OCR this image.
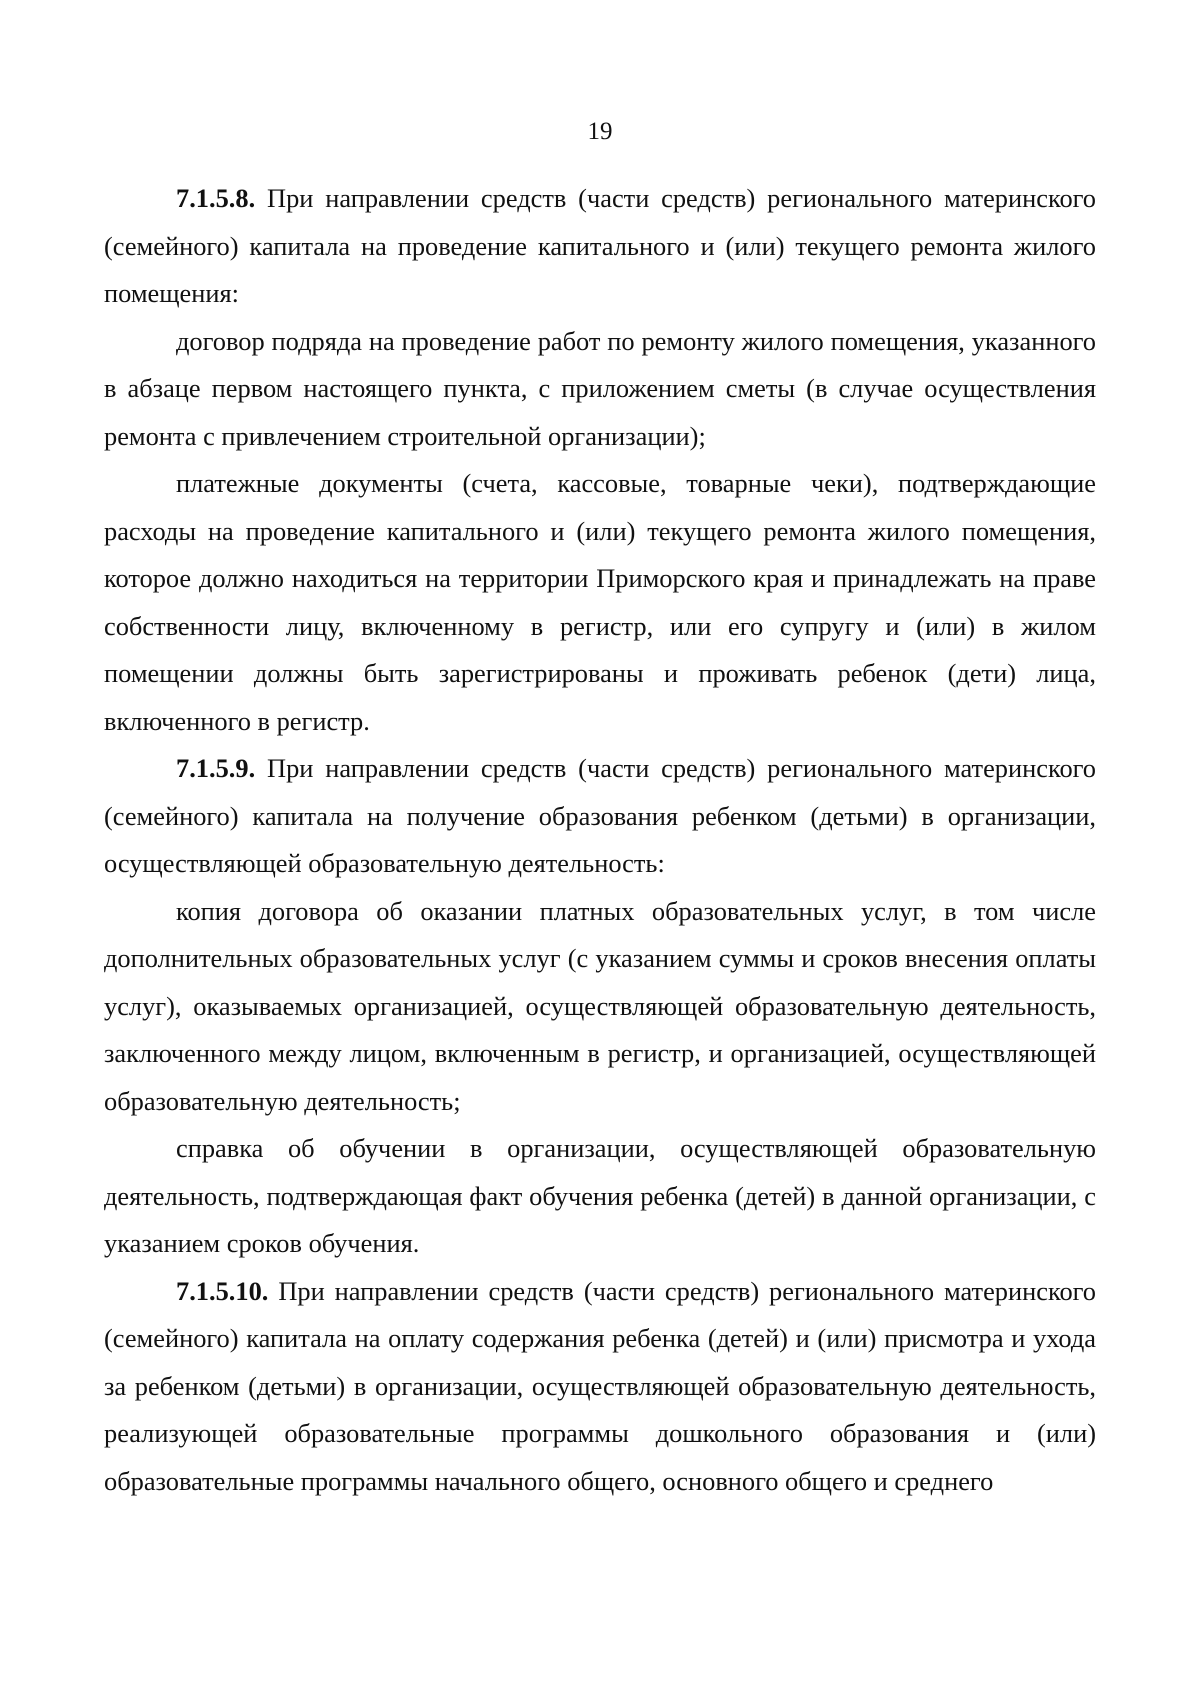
19

7.1.5.8. При направлении средств (части средств) регионального материнского (семейного) капитала на проведение капитального и (или) текущего ремонта жилого помещения:

договор подряда на проведение работ по ремонту жилого помещения, указанного в абзаце первом настоящего пункта, с приложением сметы (в случае осуществления ремонта с привлечением строительной организации);

платежные документы (счета, кассовые, товарные чеки), подтверждающие расходы на проведение капитального и (или) текущего ремонта жилого помещения, которое должно находиться на территории Приморского края и принадлежать на праве собственности лицу, включенному в регистр, или его супругу и (или) в жилом помещении должны быть зарегистрированы и проживать ребенок (дети) лица, включенного в регистр.

7.1.5.9. При направлении средств (части средств) регионального материнского (семейного) капитала на получение образования ребенком (детьми) в организации, осуществляющей образовательную деятельность:

копия договора об оказании платных образовательных услуг, в том числе дополнительных образовательных услуг (с указанием суммы и сроков внесения оплаты услуг), оказываемых организацией, осуществляющей образовательную деятельность, заключенного между лицом, включенным в регистр, и организацией, осуществляющей образовательную деятельность;

справка об обучении в организации, осуществляющей образовательную деятельность, подтверждающая факт обучения ребенка (детей) в данной организации, с указанием сроков обучения.

7.1.5.10. При направлении средств (части средств) регионального материнского (семейного) капитала на оплату содержания ребенка (детей) и (или) присмотра и ухода за ребенком (детьми) в организации, осуществляющей образовательную деятельность, реализующей образовательные программы дошкольного образования и (или) образовательные программы начального общего, основного общего и среднего
